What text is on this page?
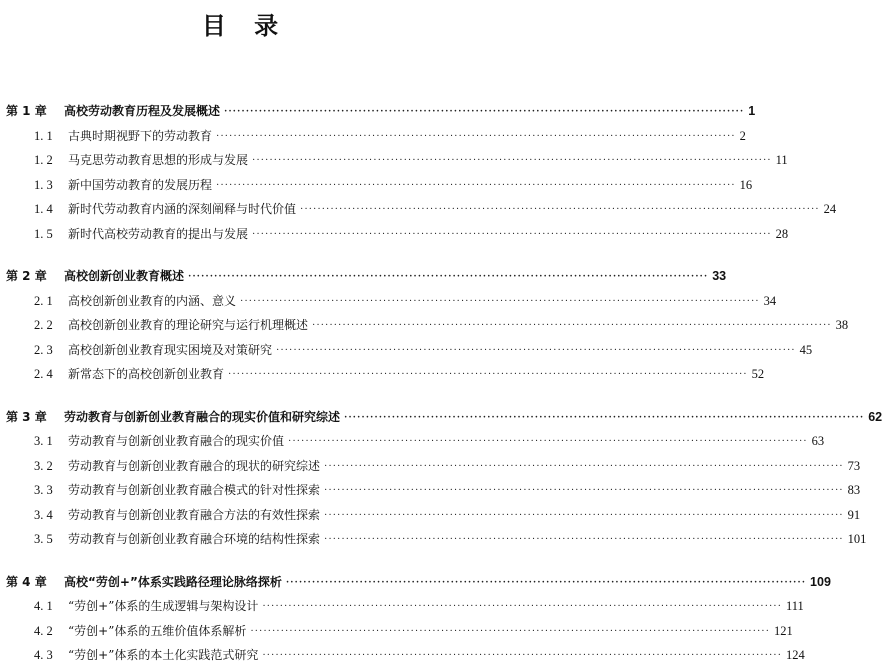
目 录
第 1 章	高校劳动教育历程及发展概述 ························································································································ 1
1. 1	古典时期视野下的劳动教育 ························································································································ 2
1. 2	马克思劳动教育思想的形成与发展 ························································································································ 11
1. 3	新中国劳动教育的发展历程 ························································································································ 16
1. 4	新时代劳动教育内涵的深刻阐释与时代价值 ························································································································ 24
1. 5	新时代高校劳动教育的提出与发展 ························································································································ 28
第 2 章	高校创新创业教育概述 ························································································································ 33
2. 1	高校创新创业教育的内涵、意义 ························································································································ 34
2. 2	高校创新创业教育的理论研究与运行机理概述 ························································································································ 38
2. 3	高校创新创业教育现实困境及对策研究 ························································································································ 45
2. 4	新常态下的高校创新创业教育 ························································································································ 52
第 3 章	劳动教育与创新创业教育融合的现实价值和研究综述 ························································································································ 62
3. 1	劳动教育与创新创业教育融合的现实价值 ························································································································ 63
3. 2	劳动教育与创新创业教育融合的现状的研究综述 ························································································································ 73
3. 3	劳动教育与创新创业教育融合模式的针对性探索 ························································································································ 83
3. 4	劳动教育与创新创业教育融合方法的有效性探索 ························································································································ 91
3. 5	劳动教育与创新创业教育融合环境的结构性探索 ························································································································ 101
第 4 章	高校“劳创+”体系实践路径理论脉络探析 ························································································································ 109
4. 1	“劳创+”体系的生成逻辑与架构设计 ························································································································ 111
4. 2	“劳创+”体系的五维价值体系解析 ························································································································ 121
4. 3	“劳创+”体系的本土化实践范式研究 ························································································································ 124
